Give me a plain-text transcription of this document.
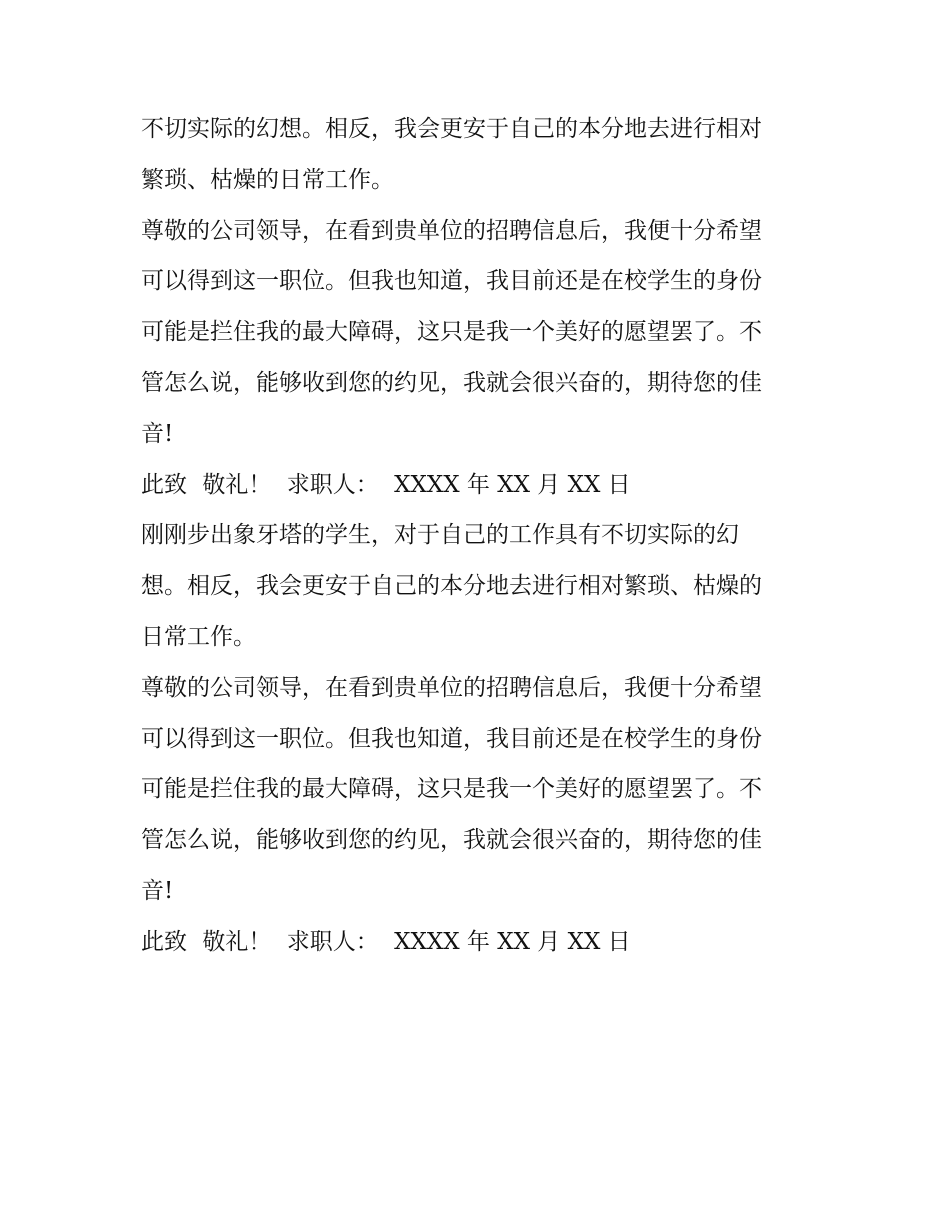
不切实际的幻想。相反，我会更安于自己的本分地去进行相对
繁琐、枯燥的日常工作。

尊敬的公司领导，在看到贵单位的招聘信息后，我便十分希望
可以得到这一职位。但我也知道，我目前还是在校学生的身份
可能是拦住我的最大障碍，这只是我一个美好的愿望罢了。不
管怎么说，能够收到您的约见，我就会很兴奋的，期待您的佳
音!

此致 敬礼！ 求职人： XXXX 年 XX 月 XX 日

刚刚步出象牙塔的学生，对于自己的工作具有不切实际的幻
想。相反，我会更安于自己的本分地去进行相对繁琐、枯燥的
日常工作。

尊敬的公司领导，在看到贵单位的招聘信息后，我便十分希望
可以得到这一职位。但我也知道，我目前还是在校学生的身份
可能是拦住我的最大障碍，这只是我一个美好的愿望罢了。不
管怎么说，能够收到您的约见，我就会很兴奋的，期待您的佳
音!

此致 敬礼！ 求职人： XXXX 年 XX 月 XX 日
